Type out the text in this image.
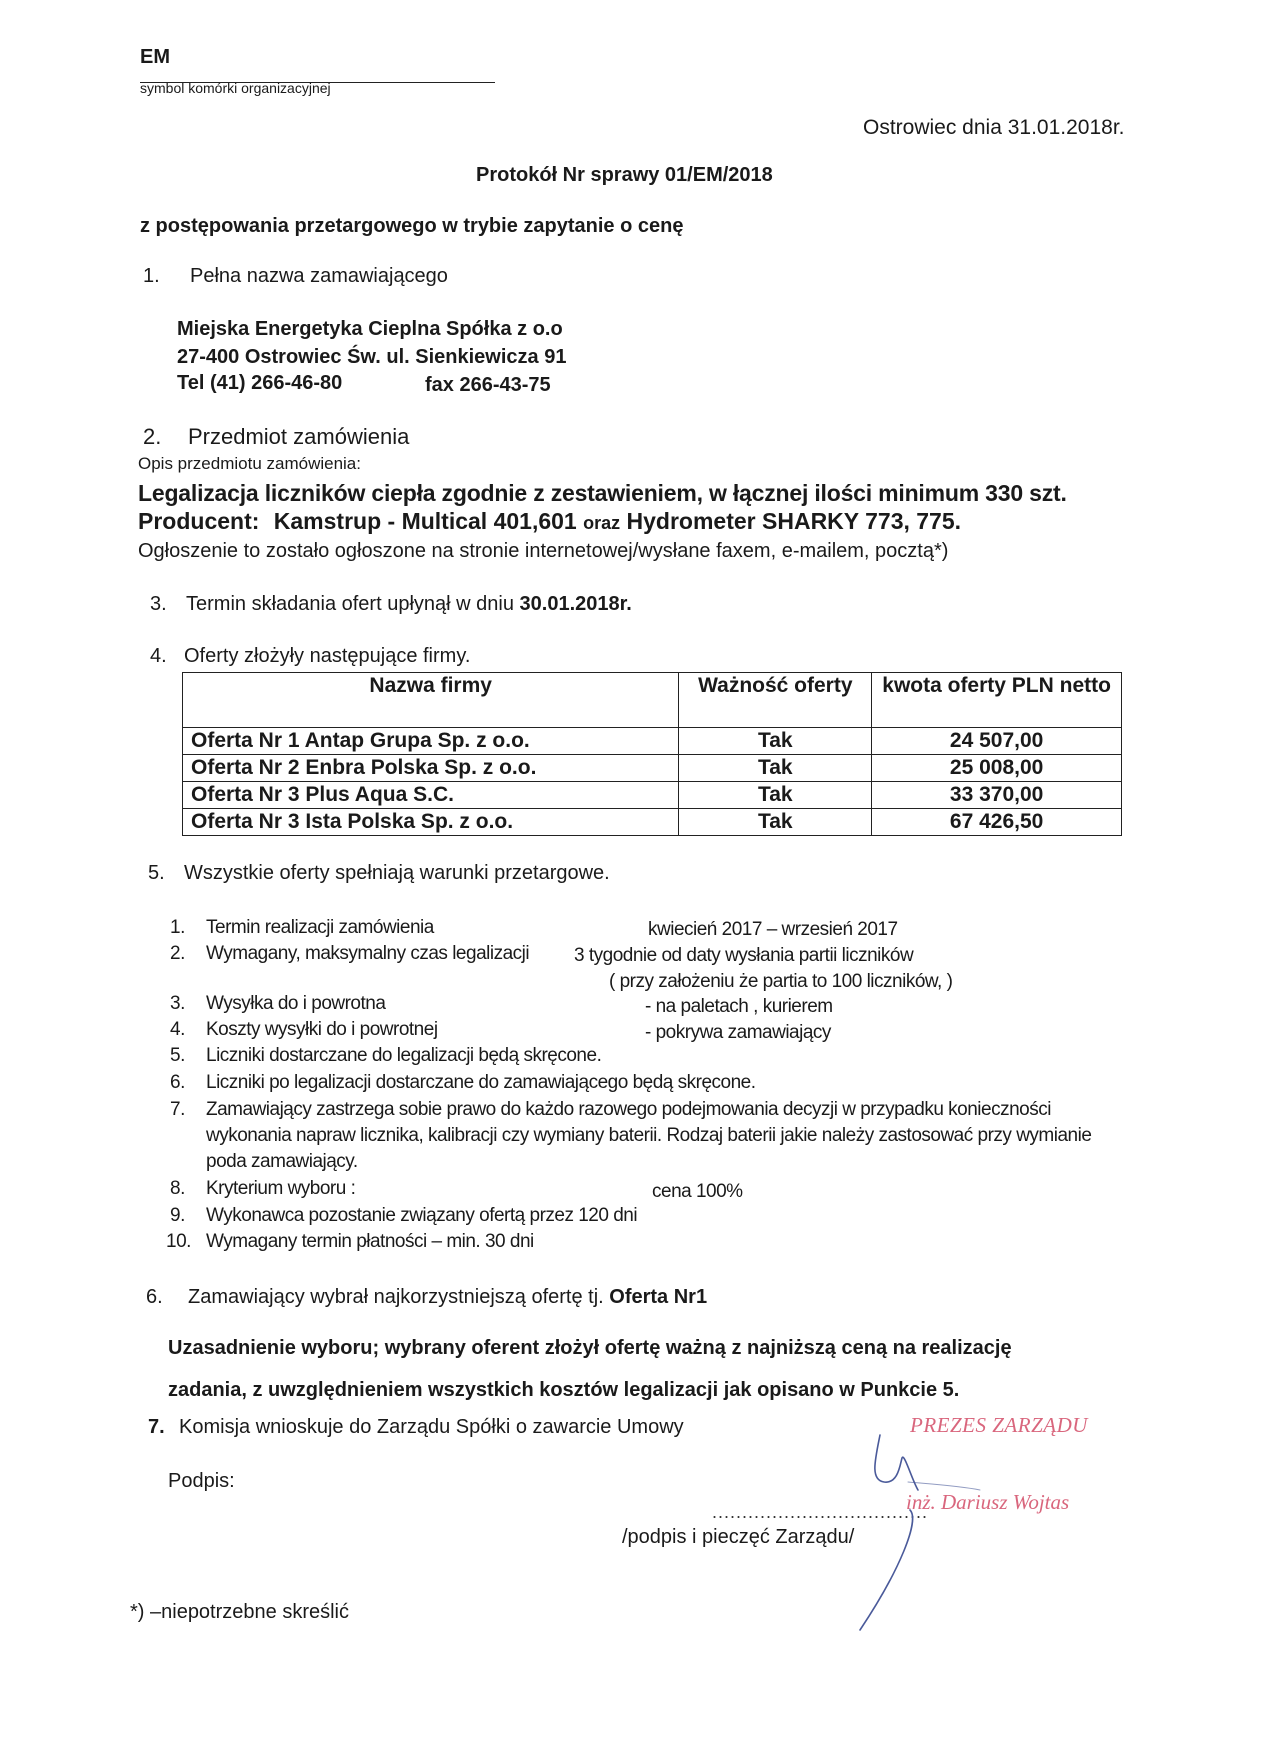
EM
symbol komórki organizacyjnej
Ostrowiec dnia 31.01.2018r.
Protokół Nr sprawy 01/EM/2018
z postępowania przetargowego w trybie zapytanie o cenę
1. Pełna nazwa zamawiającego
Miejska Energetyka Cieplna Spółka z o.o
27-400 Ostrowiec Św. ul. Sienkiewicza 91
Tel (41) 266-46-80	fax 266-43-75
2. Przedmiot zamówienia
Opis przedmiotu zamówienia:
Legalizacja liczników ciepła zgodnie z zestawieniem, w łącznej ilości minimum 330 szt.
Producent: Kamstrup - Multical 401,601 oraz Hydrometer SHARKY 773, 775.
Ogłoszenie to zostało ogłoszone na stronie internetowej/wysłane faxem, e-mailem, pocztą*)
3. Termin składania ofert upłynął w dniu 30.01.2018r.
4. Oferty złożyły następujące firmy.
Nazwa firmy	Ważność oferty	kwota oferty PLN netto
Oferta Nr 1 Antap Grupa Sp. z o.o.	Tak	24 507,00
Oferta Nr 2 Enbra Polska Sp. z o.o.	Tak	25 008,00
Oferta Nr 3 Plus Aqua S.C.	Tak	33 370,00
Oferta Nr 3 Ista Polska Sp. z o.o.	Tak	67 426,50
5. Wszystkie oferty spełniają warunki przetargowe.
1. Termin realizacji zamówienia	kwiecień 2017 – wrzesień 2017
2. Wymagany, maksymalny czas legalizacji 3 tygodnie od daty wysłania partii liczników
( przy założeniu że partia to 100 liczników, )
3. Wysyłka do i powrotna	- na paletach , kurierem
4. Koszty wysyłki do i powrotnej	- pokrywa zamawiający
5. Liczniki dostarczane do legalizacji będą skręcone.
6. Liczniki po legalizacji dostarczane do zamawiającego będą skręcone.
7. Zamawiający zastrzega sobie prawo do każdo razowego podejmowania decyzji w przypadku konieczności
wykonania napraw licznika, kalibracji czy wymiany baterii. Rodzaj baterii jakie należy zastosować przy wymianie
poda zamawiający.
8. Kryterium wyboru :	cena 100%
9. Wykonawca pozostanie związany ofertą przez 120 dni
10. Wymagany termin płatności – min. 30 dni
6. Zamawiający wybrał najkorzystniejszą ofertę tj. Oferta Nr1
Uzasadnienie wyboru; wybrany oferent złożył ofertę ważną z najniższą ceną na realizację
zadania, z uwzględnieniem wszystkich kosztów legalizacji jak opisano w Punkcie 5.
7. Komisja wnioskuje do Zarządu Spółki o zawarcie Umowy	PREZES ZARZĄDU
Podpis:
....................................
inż. Dariusz Wojtas
/podpis i pieczęć Zarządu/
*) –niepotrzebne skreślić
